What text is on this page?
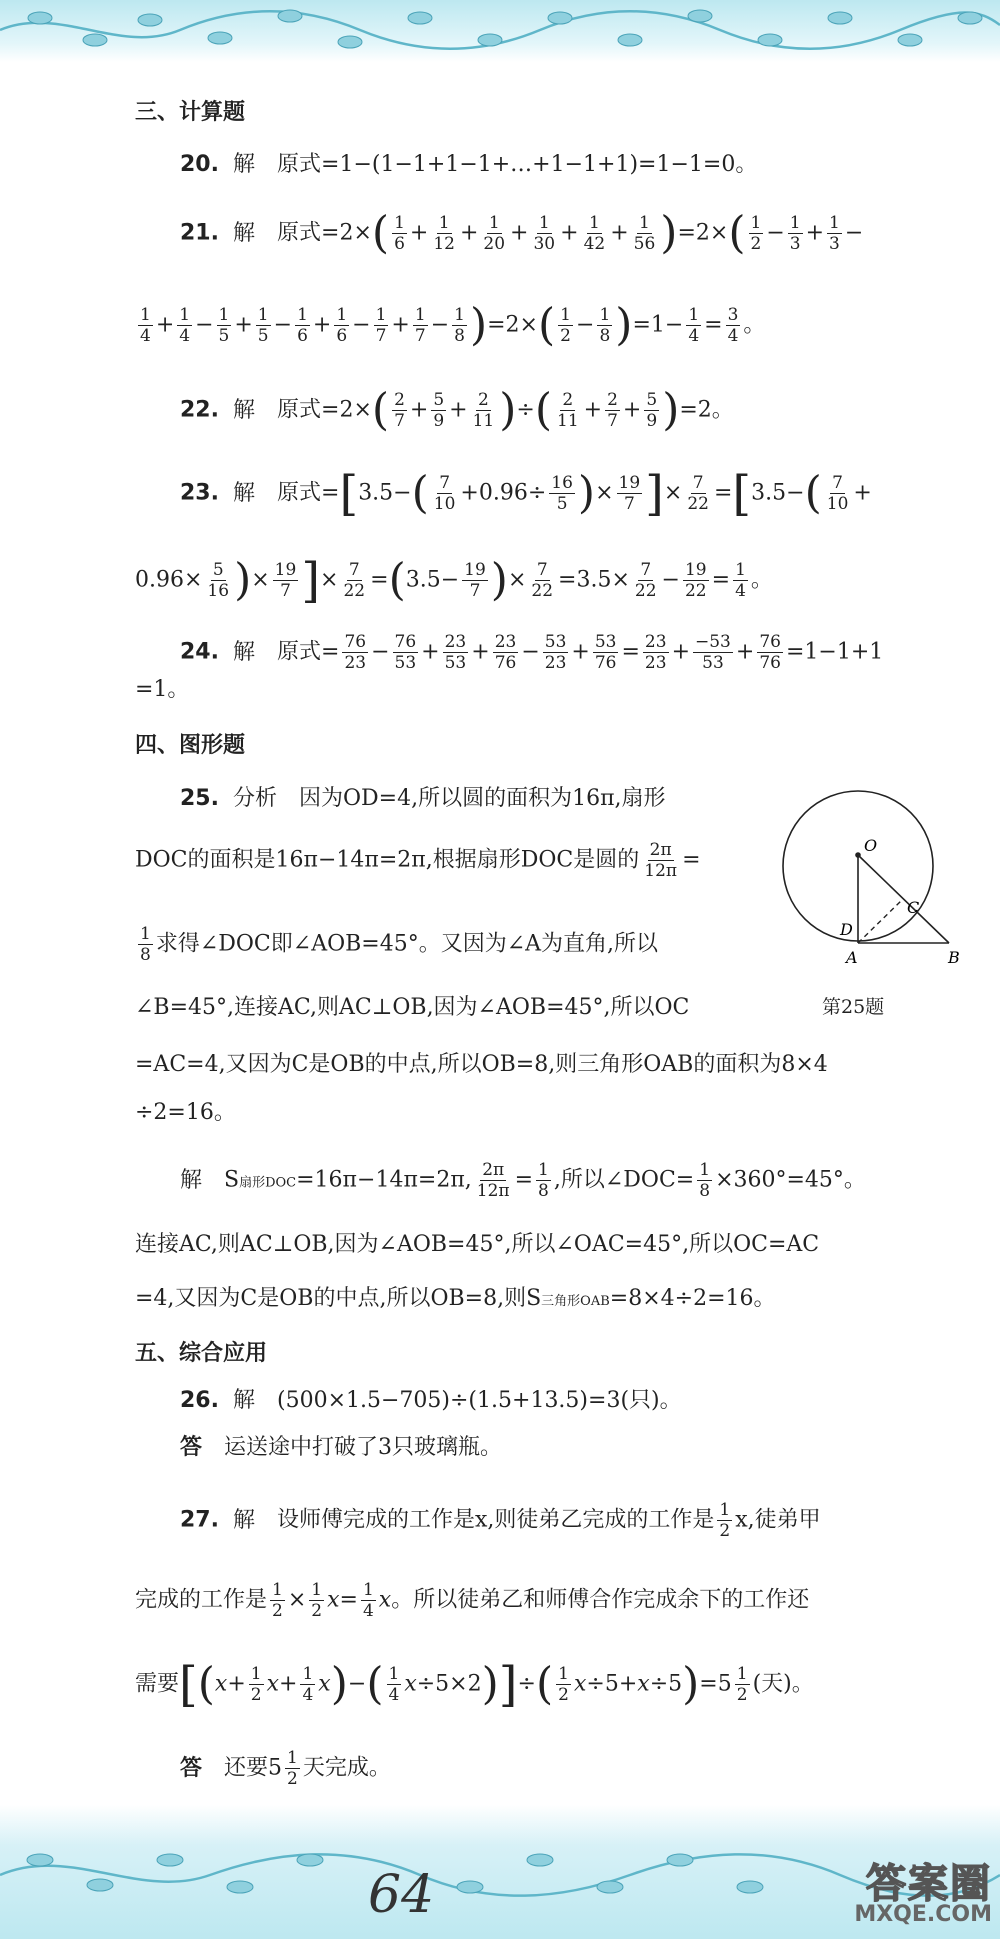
三、计算题
20. 解 原式=1−(1−1+1−1+…+1−1+1)=1−1=0。
21. 解 原式$=2\times( \frac{1}{6} + \frac{1}{12} + \frac{1}{20} + \frac{1}{30} + \frac{1}{42} + \frac{1}{56} )=2\times( \frac{1}{2} - \frac{1}{3} + \frac{1}{3}$ −
$\frac{1}{4} + \frac{1}{4} - \frac{1}{5} + \frac{1}{5} - \frac{1}{6} + \frac{1}{6} - \frac{1}{7} + \frac{1}{7} - \frac{1}{8} )=2\times( \frac{1}{2} - \frac{1}{8} )=1- \frac{1}{4} = \frac{3}{4}$ 。
22. 解 原式$=2\times( \frac{2}{7} + \frac{5}{9} + \frac{2}{11}$ )÷( $\frac{2}{11} + \frac{2}{7} + \frac{5}{9} )=2$。
23. 解 原式$=[3.5-( \frac{7}{10} +0.96\div \frac{16}{5}$ )× $\frac{19}{7}$ ]× $\frac{7}{22} =[3.5-( \frac{7}{10}$ +
$0.96\times \frac{5}{16}$ )× $\frac{19}{7}$ ]× $\frac{7}{22} =(3.5- \frac{19}{7}$ )× $\frac{7}{22} =3.5\times \frac{7}{22} - \frac{19}{22} = \frac{1}{4}$ 。
24. 解 原式= $\frac{76}{23} - \frac{76}{53} + \frac{23}{53} + \frac{23}{76} - \frac{53}{23} + \frac{53}{76} = \frac{23}{23} + \frac{-53}{53} + \frac{76}{76} =1-1+1$
=1。
四、图形题
25. 分析 因为OD=4,所以圆的面积为16π,扇形
DOC的面积是16π−14π=2π,根据扇形DOC是圆的 $\frac{2\pi}{12\pi}$ =
$\frac{1}{8}$ 求得∠DOC即∠AOB=45°。又因为∠A为直角,所以
∠B=45°,连接AC,则AC⊥OB,因为∠AOB=45°,所以OC
=AC=4,又因为C是OB的中点,所以OB=8,则三角形OAB的面积为8×4
÷2=16。
O
C
D
A	B
第25题
解 S扇形DOC=16π−14π=2π, $\frac{2\pi}{12\pi} = \frac{1}{8}$ ,所以∠DOC= $\frac{1}{8} \times 360^\circ=45^\circ$。
连接AC,则AC⊥OB,因为∠AOB=45°,所以∠OAC=45°,所以OC=AC
=4,又因为C是OB的中点,所以OB=8,则S三角形OAB=8×4÷2=16。
五、综合应用
26. 解 (500×1.5−705)÷(1.5+13.5)=3(只)。
答 运送途中打破了3只玻璃瓶。
27. 解 设师傅完成的工作是x,则徒弟乙完成的工作是 $\frac{1}{2} x$,徒弟甲
完成的工作是 $\frac{1}{2} \times \frac{1}{2} x= \frac{1}{4}$ x。所以徒弟乙和师傅合作完成余下的工作还
需要$[(x+ \frac{1}{2} x+ \frac{1}{4} x)-( \frac{1}{4} x\div 5\times 2)]\div( \frac{1}{2} x\div 5+x\div 5)=5 \frac{1}{2}$ (天)。
答 还要$5 \frac{1}{2}$ 天完成。
64	答案圈
MXQE.COM
